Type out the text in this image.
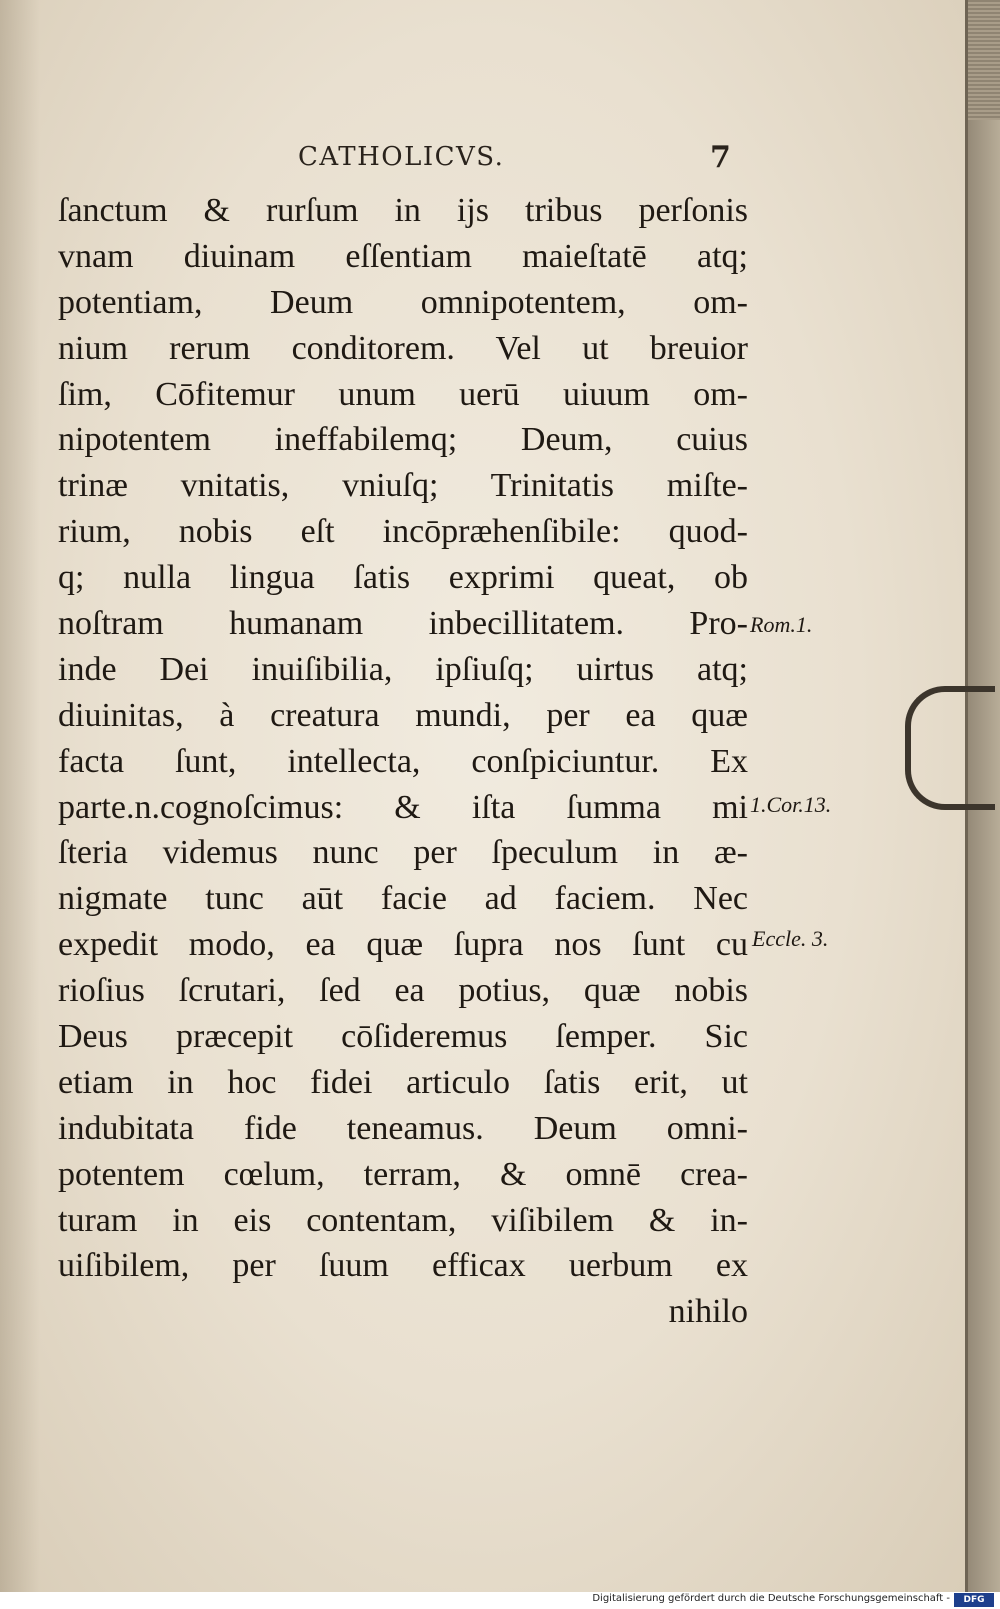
CATHOLICVS.	7
ſanctum & rurſum in ijs tribus perſonis
vnam diuinam eſſentiam maieſtatē atq;
potentiam, Deum omnipotentem, om-
nium rerum conditorem. Vel ut breuior
ſim, Cōfitemur unum uerū uiuum om-
nipotentem ineffabilemq; Deum, cuius
trinæ vnitatis, vniuſq; Trinitatis miſte-
rium, nobis eſt incōpræhenſibile: quod-
q; nulla lingua ſatis exprimi queat, ob
noſtram humanam inbecillitatem. Pro-
inde Dei inuiſibilia, ipſiuſq; uirtus atq;
diuinitas, à creatura mundi, per ea quæ
facta ſunt, intellecta, conſpiciuntur. Ex
parte.n.cognoſcimus: & iſta ſumma mi
ſteria videmus nunc per ſpeculum in æ-
nigmate tunc aūt facie ad faciem. Nec
expedit modo, ea quæ ſupra nos ſunt cu
rioſius ſcrutari, ſed ea potius, quæ nobis
Deus præcepit cōſideremus ſemper. Sic
etiam in hoc fidei articulo ſatis erit, ut
indubitata fide teneamus. Deum omni-
potentem cœlum, terram, & omnē crea-
turam in eis contentam, viſibilem & in-
uiſibilem, per ſuum efficax uerbum ex
nihilo
Rom.1.
1.Cor.13.
Eccle. 3.
Digitalisierung gefördert durch die Deutsche Forschungsgemeinschaft -	DFG
